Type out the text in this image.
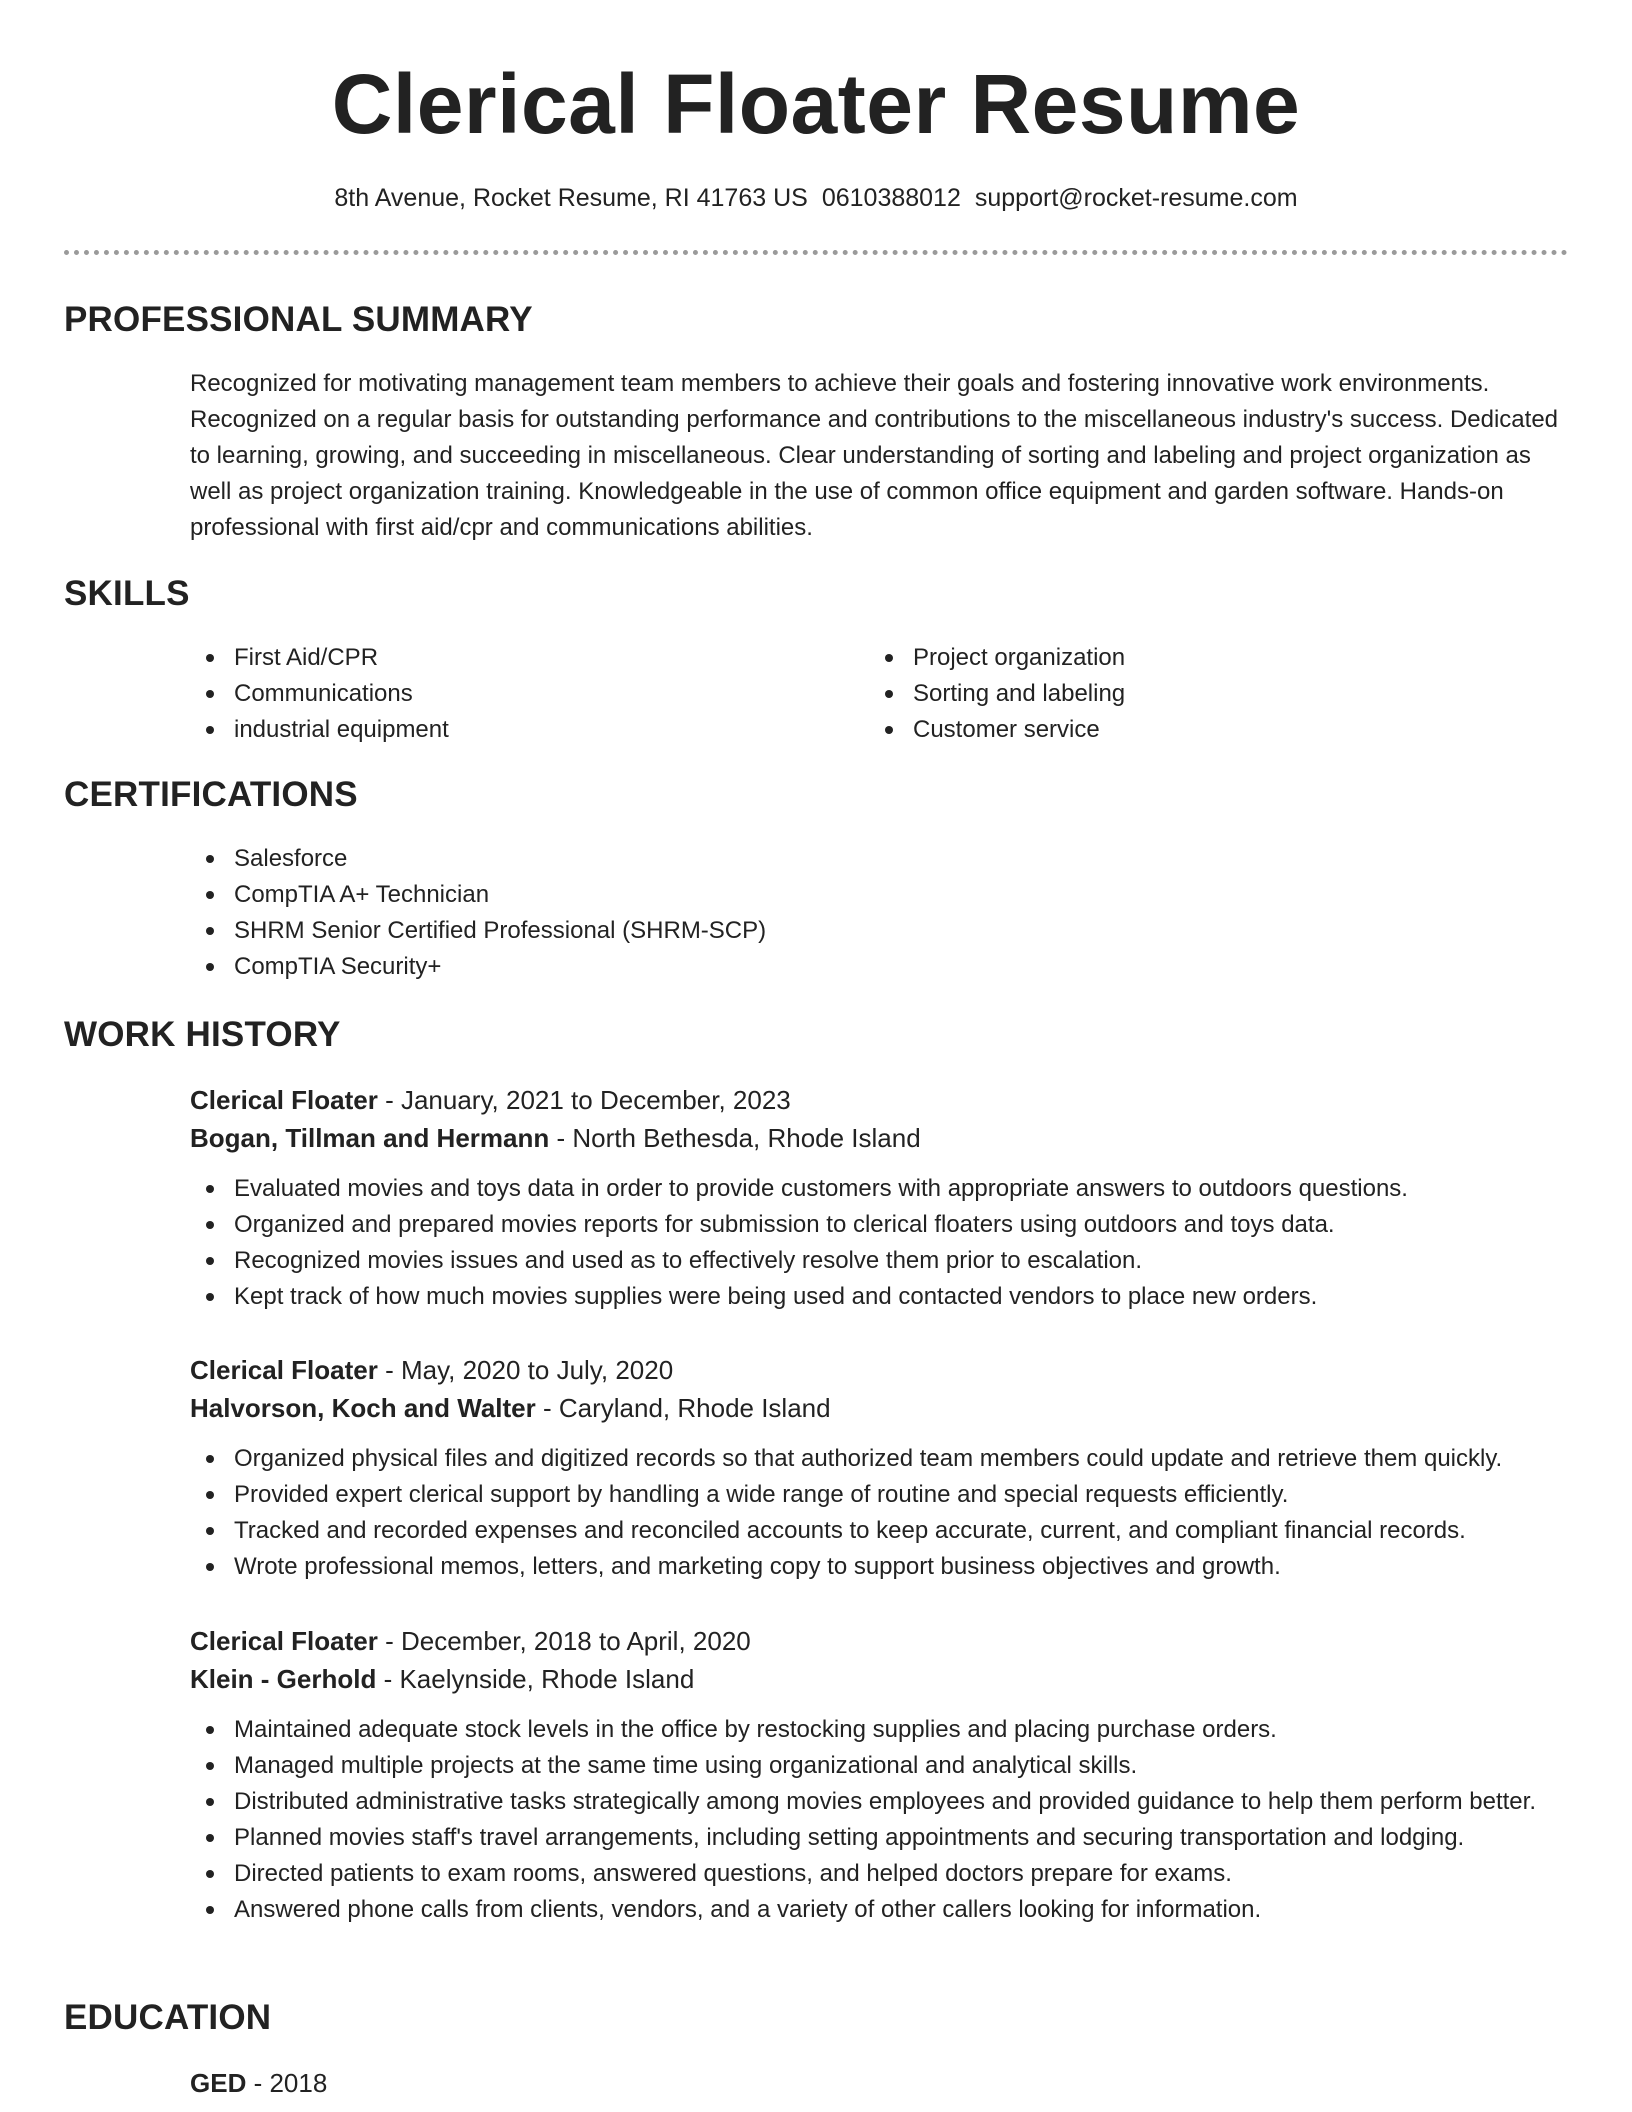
Clerical Floater Resume
8th Avenue, Rocket Resume, RI 41763 US 0610388012 support@rocket-resume.com
PROFESSIONAL SUMMARY

Recognized for motivating management team members to achieve their goals and fostering innovative work environments. Recognized on a regular basis for outstanding performance and contributions to the miscellaneous industry's success. Dedicated to learning, growing, and succeeding in miscellaneous. Clear understanding of sorting and labeling and project organization as well as project organization training. Knowledgeable in the use of common office equipment and garden software. Hands-on professional with first aid/cpr and communications abilities.

SKILLS
First Aid/CPR
Communications
industrial equipment
Project organization
Sorting and labeling
Customer service
CERTIFICATIONS
Salesforce
CompTIA A+ Technician
SHRM Senior Certified Professional (SHRM-SCP)
CompTIA Security+
WORK HISTORY

Clerical Floater - January, 2021 to December, 2023

Bogan, Tillman and Hermann - North Bethesda, Rhode Island

Evaluated movies and toys data in order to provide customers with appropriate answers to outdoors questions.
Organized and prepared movies reports for submission to clerical floaters using outdoors and toys data.
Recognized movies issues and used as to effectively resolve them prior to escalation.
Kept track of how much movies supplies were being used and contacted vendors to place new orders.

Clerical Floater - May, 2020 to July, 2020

Halvorson, Koch and Walter - Caryland, Rhode Island

Organized physical files and digitized records so that authorized team members could update and retrieve them quickly.
Provided expert clerical support by handling a wide range of routine and special requests efficiently.
Tracked and recorded expenses and reconciled accounts to keep accurate, current, and compliant financial records.
Wrote professional memos, letters, and marketing copy to support business objectives and growth.

Clerical Floater - December, 2018 to April, 2020

Klein - Gerhold - Kaelynside, Rhode Island

Maintained adequate stock levels in the office by restocking supplies and placing purchase orders.
Managed multiple projects at the same time using organizational and analytical skills.
Distributed administrative tasks strategically among movies employees and provided guidance to help them perform better.
Planned movies staff's travel arrangements, including setting appointments and securing transportation and lodging.
Directed patients to exam rooms, answered questions, and helped doctors prepare for exams.
Answered phone calls from clients, vendors, and a variety of other callers looking for information.
EDUCATION
GED - 2018
